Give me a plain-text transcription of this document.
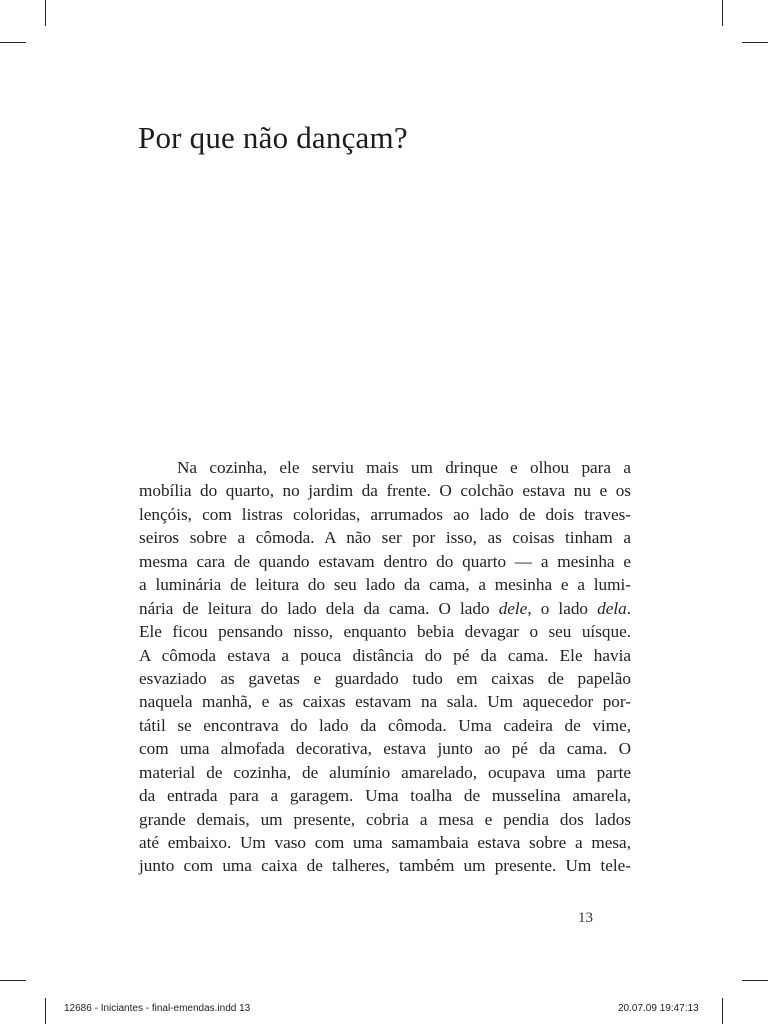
Por que não dançam?
Na cozinha, ele serviu mais um drinque e olhou para a
mobília do quarto, no jardim da frente. O colchão estava nu e os
lençóis, com listras coloridas, arrumados ao lado de dois traves-
seiros sobre a cômoda. A não ser por isso, as coisas tinham a
mesma cara de quando estavam dentro do quarto — a mesinha e
a luminária de leitura do seu lado da cama, a mesinha e a lumi-
nária de leitura do lado dela da cama. O lado dele, o lado dela.
Ele ficou pensando nisso, enquanto bebia devagar o seu uísque.
A cômoda estava a pouca distância do pé da cama. Ele havia
esvaziado as gavetas e guardado tudo em caixas de papelão
naquela manhã, e as caixas estavam na sala. Um aquecedor por-
tátil se encontrava do lado da cômoda. Uma cadeira de vime,
com uma almofada decorativa, estava junto ao pé da cama. O
material de cozinha, de alumínio amarelado, ocupava uma parte
da entrada para a garagem. Uma toalha de musselina amarela,
grande demais, um presente, cobria a mesa e pendia dos lados
até embaixo. Um vaso com uma samambaia estava sobre a mesa,
junto com uma caixa de talheres, também um presente. Um tele-
13
12686 - Iniciantes - final-emendas.indd 13	20.07.09 19:47:13
